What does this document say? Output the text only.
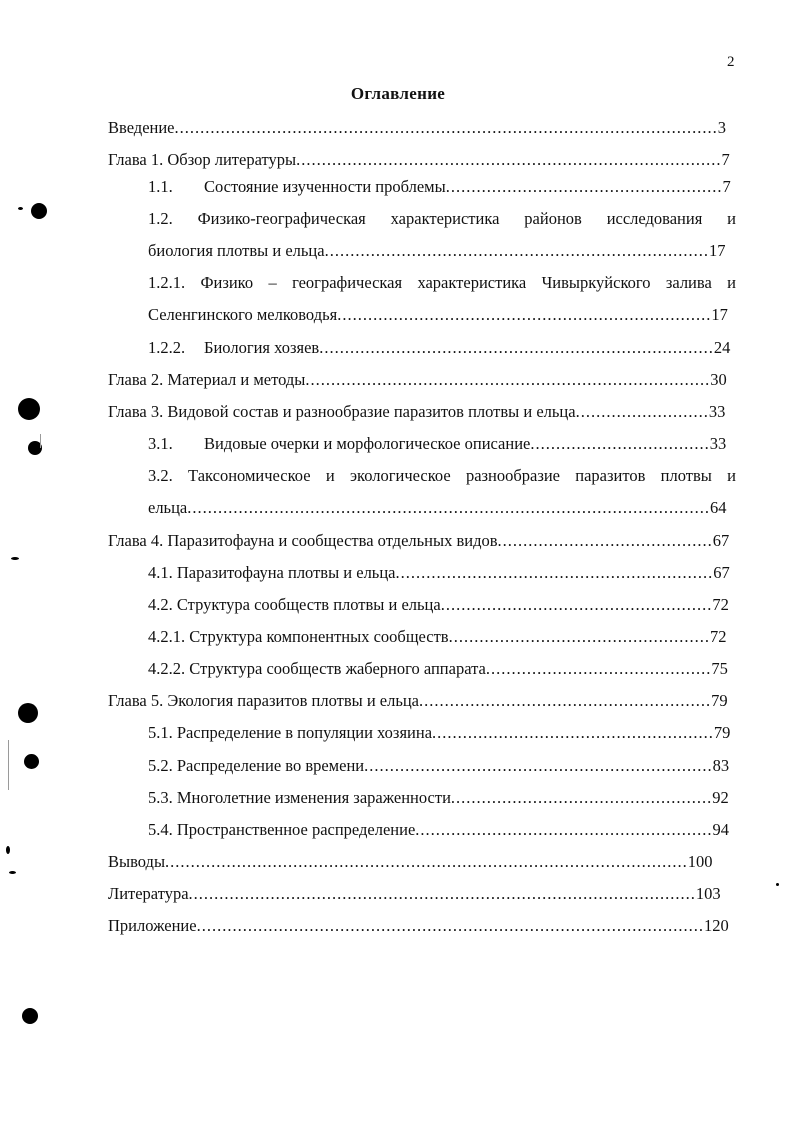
2
Оглавление
Введение..........................................................................................................3
Глава 1. Обзор литературы...................................................................................7
1.1. Состояние изученности проблемы......................................................7
1.2. Физико-географическая характеристика районов исследования и
биология плотвы и ельца...........................................................................17
1.2.1. Физико – географическая характеристика Чивыркуйского залива и
Селенгинского мелководья.........................................................................17
1.2.2. Биология хозяев.............................................................................24
Глава 2. Материал и методы...............................................................................30
Глава 3. Видовой состав и разнообразие паразитов плотвы и ельца..........................33
3.1. Видовые очерки и морфологическое описание...................................33
3.2. Таксономическое и экологическое разнообразие паразитов плотвы и
ельца......................................................................................................64
Глава 4. Паразитофауна и сообщества отдельных видов..........................................67
4.1. Паразитофауна плотвы и ельца..............................................................67
4.2. Структура сообществ плотвы и ельца.....................................................72
4.2.1. Структура компонентных сообществ...................................................72
4.2.2. Структура сообществ жаберного аппарата............................................75
Глава 5. Экология паразитов плотвы и ельца.........................................................79
5.1. Распределение в популяции хозяина.......................................................79
5.2. Распределение во времени....................................................................83
5.3. Многолетние изменения зараженности...................................................92
5.4. Пространственное распределение..........................................................94
Выводы......................................................................................................100
Литература...................................................................................................103
Приложение...................................................................................................120
